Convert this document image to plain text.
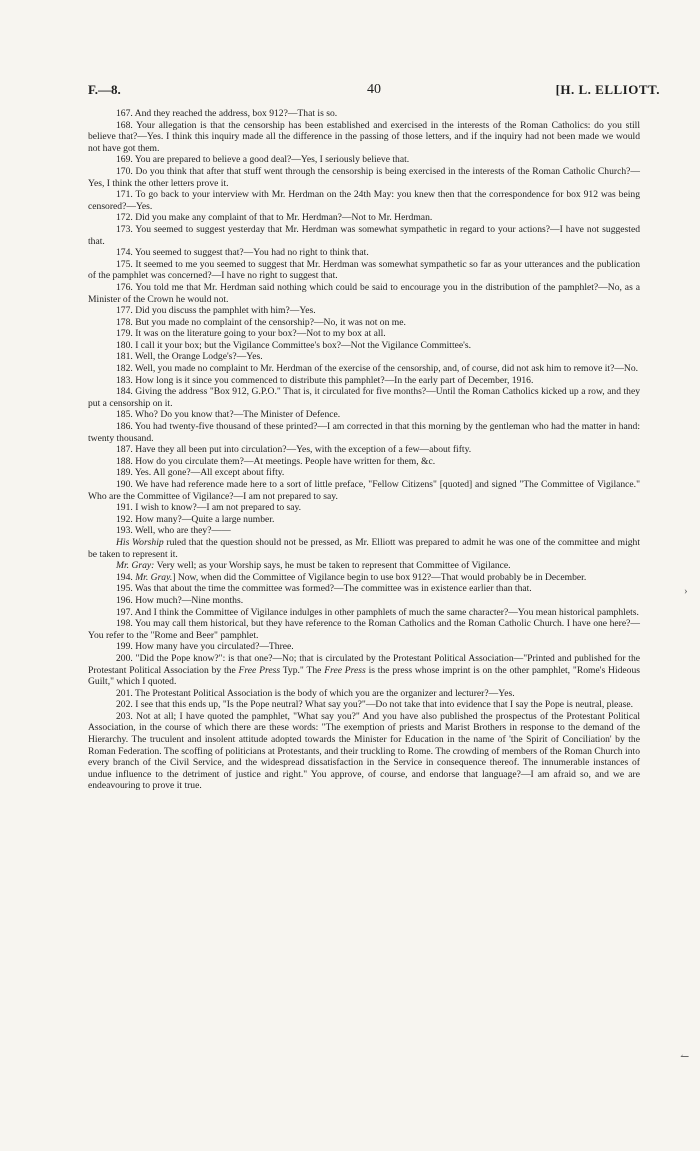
F.—8.	40	[H. L. ELLIOTT.

167. And they reached the address, box 912?—That is so.

168. Your allegation is that the censorship has been established and exercised in the interests of the Roman Catholics: do you still believe that?—Yes. I think this inquiry made all the difference in the passing of those letters, and if the inquiry had not been made we would not have got them.

169. You are prepared to believe a good deal?—Yes, I seriously believe that.

170. Do you think that after that stuff went through the censorship is being exercised in the interests of the Roman Catholic Church?—Yes, I think the other letters prove it.

171. To go back to your interview with Mr. Herdman on the 24th May: you knew then that the correspondence for box 912 was being censored?—Yes.

172. Did you make any complaint of that to Mr. Herdman?—Not to Mr. Herdman.

173. You seemed to suggest yesterday that Mr. Herdman was somewhat sympathetic in regard to your actions?—I have not suggested that.

174. You seemed to suggest that?—You had no right to think that.

175. It seemed to me you seemed to suggest that Mr. Herdman was somewhat sympathetic so far as your utterances and the publication of the pamphlet was concerned?—I have no right to suggest that.

176. You told me that Mr. Herdman said nothing which could be said to encourage you in the distribution of the pamphlet?—No, as a Minister of the Crown he would not.

177. Did you discuss the pamphlet with him?—Yes.

178. But you made no complaint of the censorship?—No, it was not on me.

179. It was on the literature going to your box?—Not to my box at all.

180. I call it your box; but the Vigilance Committee's box?—Not the Vigilance Committee's.

181. Well, the Orange Lodge's?—Yes.

182. Well, you made no complaint to Mr. Herdman of the exercise of the censorship, and, of course, did not ask him to remove it?—No.

183. How long is it since you commenced to distribute this pamphlet?—In the early part of December, 1916.

184. Giving the address "Box 912, G.P.O." That is, it circulated for five months?—Until the Roman Catholics kicked up a row, and they put a censorship on it.

185. Who? Do you know that?—The Minister of Defence.

186. You had twenty-five thousand of these printed?—I am corrected in that this morning by the gentleman who had the matter in hand: twenty thousand.

187. Have they all been put into circulation?—Yes, with the exception of a few—about fifty.

188. How do you circulate them?—At meetings. People have written for them, &c.

189. Yes. All gone?—All except about fifty.

190. We have had reference made here to a sort of little preface, "Fellow Citizens" [quoted] and signed "The Committee of Vigilance." Who are the Committee of Vigilance?—I am not prepared to say.

191. I wish to know?—I am not prepared to say.

192. How many?—Quite a large number.

193. Well, who are they?——

His Worship ruled that the question should not be pressed, as Mr. Elliott was prepared to admit he was one of the committee and might be taken to represent it.

Mr. Gray: Very well; as your Worship says, he must be taken to represent that Committee of Vigilance.

194. Mr. Gray.] Now, when did the Committee of Vigilance begin to use box 912?—That would probably be in December.

195. Was that about the time the committee was formed?—The committee was in existence earlier than that.

196. How much?—Nine months.

197. And I think the Committee of Vigilance indulges in other pamphlets of much the same character?—You mean historical pamphlets.

198. You may call them historical, but they have reference to the Roman Catholics and the Roman Catholic Church. I have one here?—You refer to the "Rome and Beer" pamphlet.

199. How many have you circulated?—Three.

200. "Did the Pope know?": is that one?—No; that is circulated by the Protestant Political Association—"Printed and published for the Protestant Political Association by the Free Press Typ." The Free Press is the press whose imprint is on the other pamphlet, "Rome's Hideous Guilt," which I quoted.

201. The Protestant Political Association is the body of which you are the organizer and lecturer?—Yes.

202. I see that this ends up, "Is the Pope neutral? What say you?"—Do not take that into evidence that I say the Pope is neutral, please.

203. Not at all; I have quoted the pamphlet, "What say you?" And you have also published the prospectus of the Protestant Political Association, in the course of which there are these words: "The exemption of priests and Marist Brothers in response to the demand of the Hierarchy. The truculent and insolent attitude adopted towards the Minister for Education in the name of 'the Spirit of Conciliation' by the Roman Federation. The scoffing of politicians at Protestants, and their truckling to Rome. The crowding of members of the Roman Church into every branch of the Civil Service, and the widespread dissatisfaction in the Service in consequence thereof. The innumerable instances of undue influence to the detriment of justice and right." You approve, of course, and endorse that language?—I am afraid so, and we are endeavouring to prove it true.

›
↼
